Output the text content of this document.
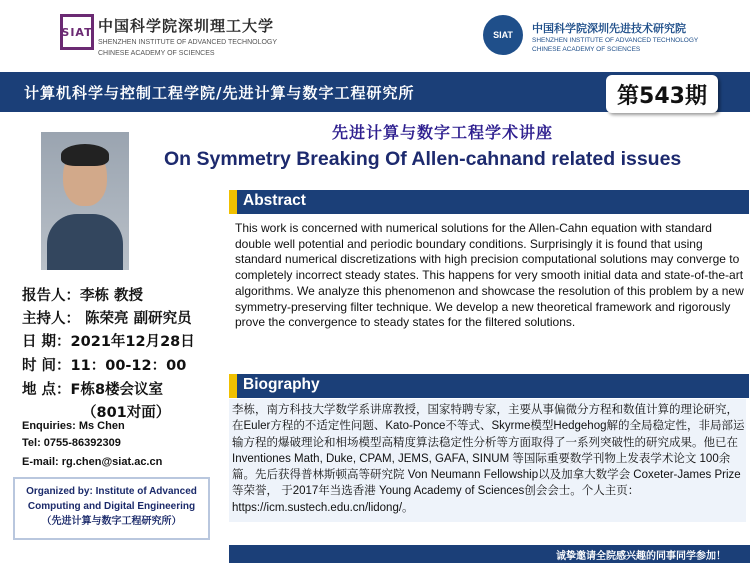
SIAT 中国科学院深圳理工大学
SHENZHEN INSTITUTE OF ADVANCED TECHNOLOGY
CHINESE ACADEMY OF SCIENCES
SIAT 中国科学院深圳先进技术研究院
SHENZHEN INSTITUTE OF ADVANCED TECHNOLOGY
CHINESE ACADEMY OF SCIENCES
计算机科学与控制工程学院/先进计算与数字工程研究所	第543期
报告人：李栋 教授
主持人： 陈荣亮 副研究员
日 期：2021年12月28日
时 间：11：00-12：00
地 点：F栋8楼会议室
（801对面）
Enquiries: Ms Chen
Tel: 0755-86392309
E-mail: rg.chen@siat.ac.cn
Organized by: Institute of Advanced
Computing and Digital Engineering
（先进计算与数字工程研究所）
先进计算与数字工程学术讲座
On Symmetry Breaking Of Allen-cahnand related issues
Abstract
This work is concerned with numerical solutions for the Allen-Cahn equation with standard double well potential and periodic boundary conditions. Surprisingly it is found that using standard numerical discretizations with high precision computational solutions may converge to completely incorrect steady states. This happens for very smooth initial data and state-of-the-art algorithms. We analyze this phenomenon and showcase the resolution of this problem by a new symmetry-preserving filter technique. We develop a new theoretical framework and rigorously prove the convergence to steady states for the filtered solutions.
Biography
李栋，南方科技大学数学系讲席教授，国家特聘专家，主要从事偏微分方程和数值计算的理论研究，在Euler方程的不适定性问题、Kato-Ponce不等式、Skyrme模型Hedgehog解的全局稳定性，非局部运输方程的爆破理论和相场模型高精度算法稳定性分析等方面取得了一系列突破性的研究成果。他已在Inventiones Math, Duke, CPAM, JEMS, GAFA, SINUM 等国际重要数学刊物上发表学术论文 100余篇。先后获得普林斯顿高等研究院 Von Neumann Fellowship以及加拿大数学会 Coxeter-James Prize等荣誉， 于2017年当选香港 Young Academy of Sciences创会会士。个人主页：https://icm.sustech.edu.cn/lidong/。
诚挚邀请全院感兴趣的同事同学参加！
